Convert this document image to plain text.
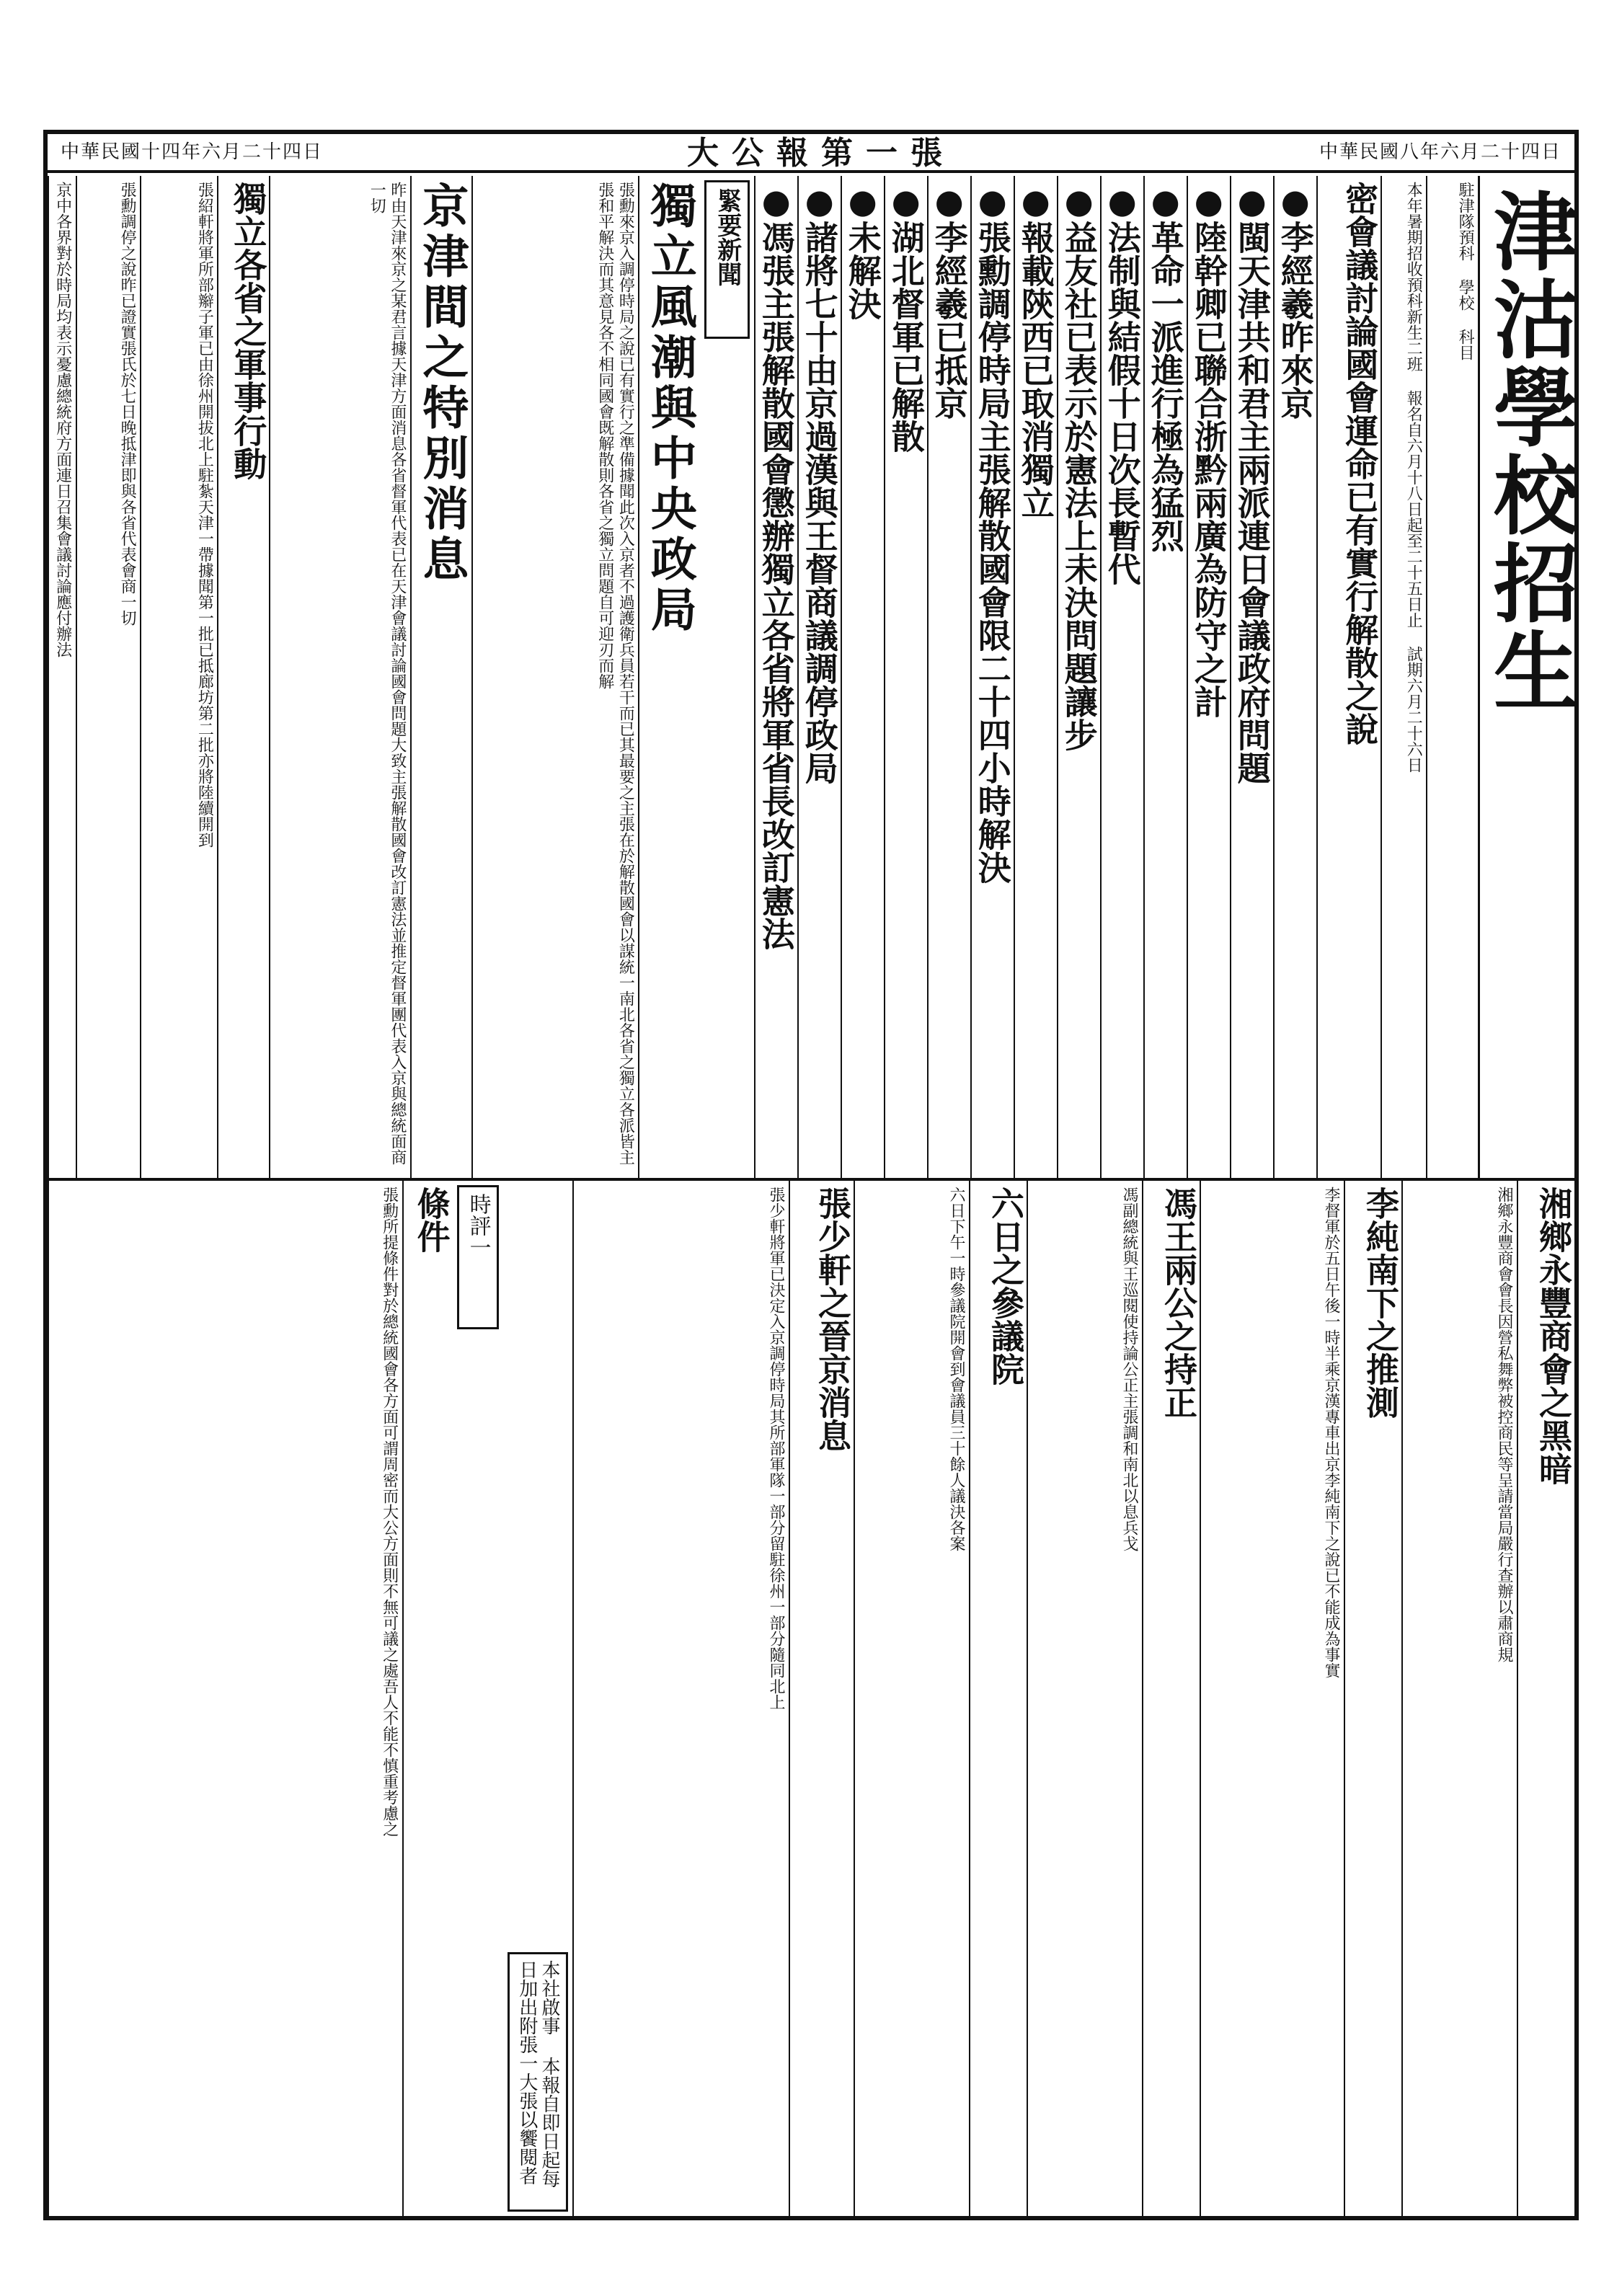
中華民國十四年六月二十四日	大公報第一張	中華民國八年六月二十四日
津沽學校招生
駐津隊預科 學校 科目
本年暑期招收預科新生二班 報名自六月十八日起至二十五日止 試期六月二十六日
密會議討論國會運命已有實行解散之說
●李經羲昨來京
●閩天津共和君主兩派連日會議政府問題
●陸幹卿已聯合浙黔兩廣為防守之計
●革命一派進行極為猛烈
●法制與結假十日次長暫代
●益友社已表示於憲法上未決問題讓步
●報載陝西已取消獨立
●張勳調停時局主張解散國會限二十四小時解決
●李經羲已抵京
●湖北督軍已解散
●未解決
●諸將七十由京過漢與王督商議調停政局
●馮張主張解散國會懲辦獨立各省將軍省長改訂憲法
緊要新聞
獨立風潮與中央政局
張勳來京入調停時局之說已有實行之準備據聞此次入京者不過護衛兵員若干而已其最要之主張在於解散國會以謀統一南北各省之獨立各派皆主張和平解決而其意見各不相同國會既解散則各省之獨立問題自可迎刃而解
京津間之特別消息
昨由天津來京之某君言據天津方面消息各省督軍代表已在天津會議討論國會問題大致主張解散國會改訂憲法並推定督軍團代表入京與總統面商一切
獨立各省之軍事行動
張紹軒將軍所部辮子軍已由徐州開拔北上駐紮天津一帶據聞第一批已抵廊坊第二批亦將陸續開到
張勳調停之說昨已證實張氏於七日晚抵津即與各省代表會商一切
京中各界對於時局均表示憂慮總統府方面連日召集會議討論應付辦法
湘鄉永豐商會之黑暗
湘鄉永豐商會會長因營私舞弊被控商民等呈請當局嚴行查辦以肅商規
李純南下之推測
李督軍於五日午後一時半乘京漢專車出京李純南下之說已不能成為事實
馮王兩公之持正
馮副總統與王巡閱使持論公正主張調和南北以息兵戈
六日之參議院
六日下午一時參議院開會到會議員三十餘人議決各案
張少軒之晉京消息
張少軒將軍已決定入京調停時局其所部軍隊一部分留駐徐州一部分隨同北上
本社啟事 本報自即日起每日加出附張一大張以饗閱者
時評一
條件
張勳所提條件對於總統國會各方面可謂周密而大公方面則不無可議之處吾人不能不慎重考慮之
